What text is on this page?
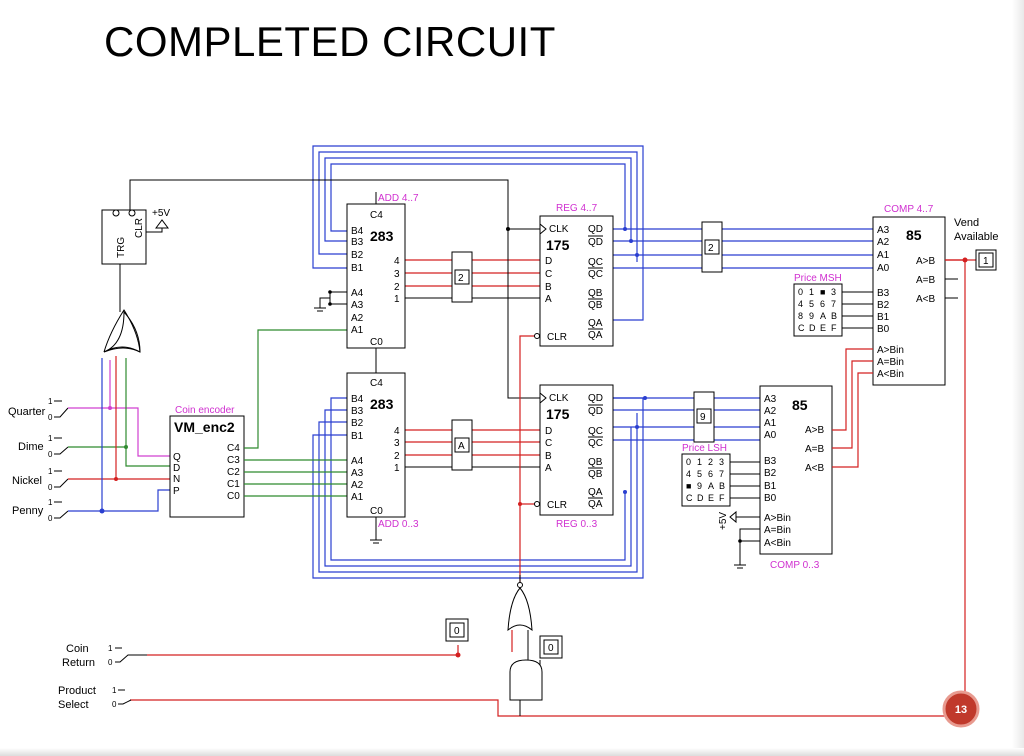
COMPLETED CIRCUIT
TRG
CLR
+5V
Quarter
1
0
Dime
1
0
Nickel
1
0
Penny
1
0
Coin encoder
VM_enc2
Q
D
N
P
C4
C3
C2
C1
C0
ADD 4..7
C4
283
B4
B3
B2
B1
A4
A3
A2
A1
4
3
2
1
C0
C4
283
B4
B3
B2
B1
A4
A3
A2
A1
4
3
2
1
C0
ADD 0..3
2
A
REG 4..7
CLK
175
D
C
B
A
CLR
QD
QD
QC
QC
QB
QB
QA
QA
CLK
175
D
C
B
A
CLR
QD
QD
QC
QC
QB
QB
QA
QA
REG 0..3
2
9
COMP 4..7
85
A3
A2
A1
A0
B3
B2
B1
B0
A>B
A=B
A<B
A>Bin
A=Bin
A<Bin
Vend
Available
1
85
A3
A2
A1
A0
B3
B2
B1
B0
A>B
A=B
A<B
A>Bin
A=Bin
A<Bin
COMP 0..3
+5V
Price MSH
0 1 ■ 3
4 5 6 7
8 9 A B
C D E F
Price LSH
0 1 2 3
4 5 6 7
■ 9 A B
C D E F
Coin
Return
1
0
Product
Select
1
0
0
0
13
